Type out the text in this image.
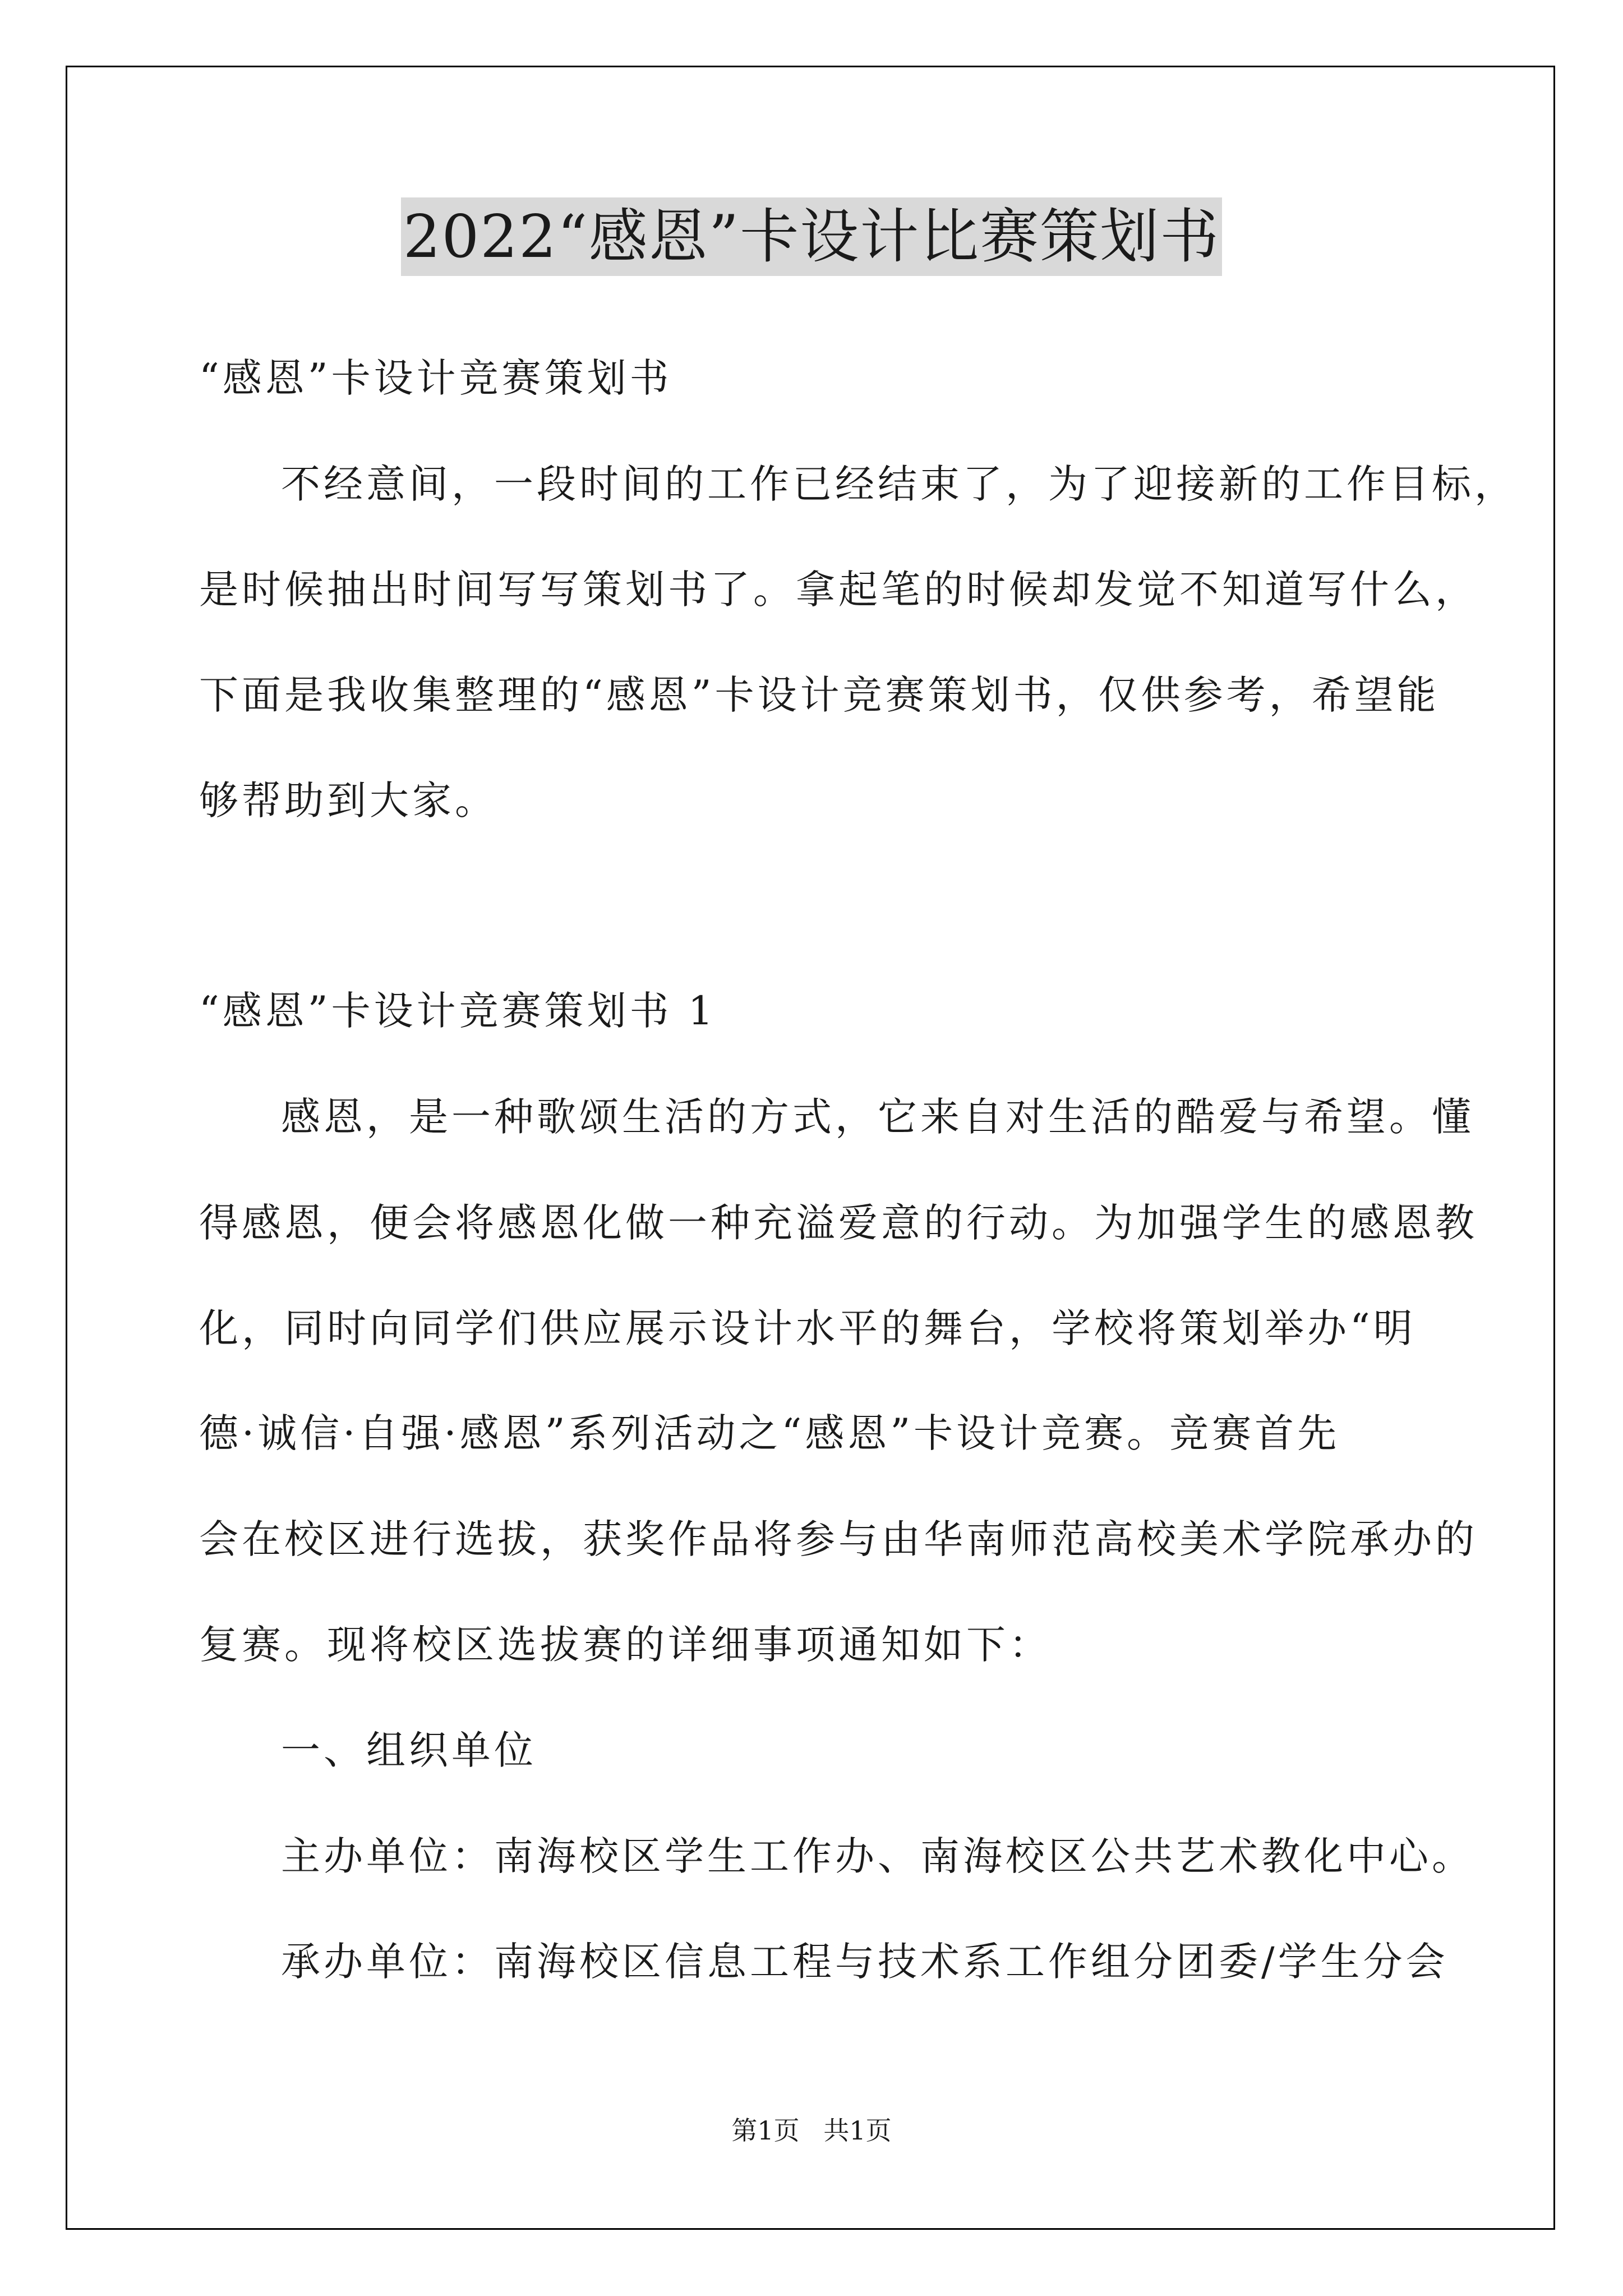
2022“感恩”卡设计比赛策划书
“感恩”卡设计竞赛策划书
不经意间，一段时间的工作已经结束了，为了迎接新的工作目标，
是时候抽出时间写写策划书了。拿起笔的时候却发觉不知道写什么，
下面是我收集整理的“感恩”卡设计竞赛策划书，仅供参考，希望能
够帮助到大家。
“感恩”卡设计竞赛策划书 1
感恩，是一种歌颂生活的方式，它来自对生活的酷爱与希望。懂
得感恩，便会将感恩化做一种充溢爱意的行动。为加强学生的感恩教
化，同时向同学们供应展示设计水平的舞台，学校将策划举办“明
德·诚信·自强·感恩”系列活动之“感恩”卡设计竞赛。竞赛首先
会在校区进行选拔，获奖作品将参与由华南师范高校美术学院承办的
复赛。现将校区选拔赛的详细事项通知如下：
一、组织单位
主办单位：南海校区学生工作办、南海校区公共艺术教化中心。
承办单位：南海校区信息工程与技术系工作组分团委/学生分会
第1页 共1页
